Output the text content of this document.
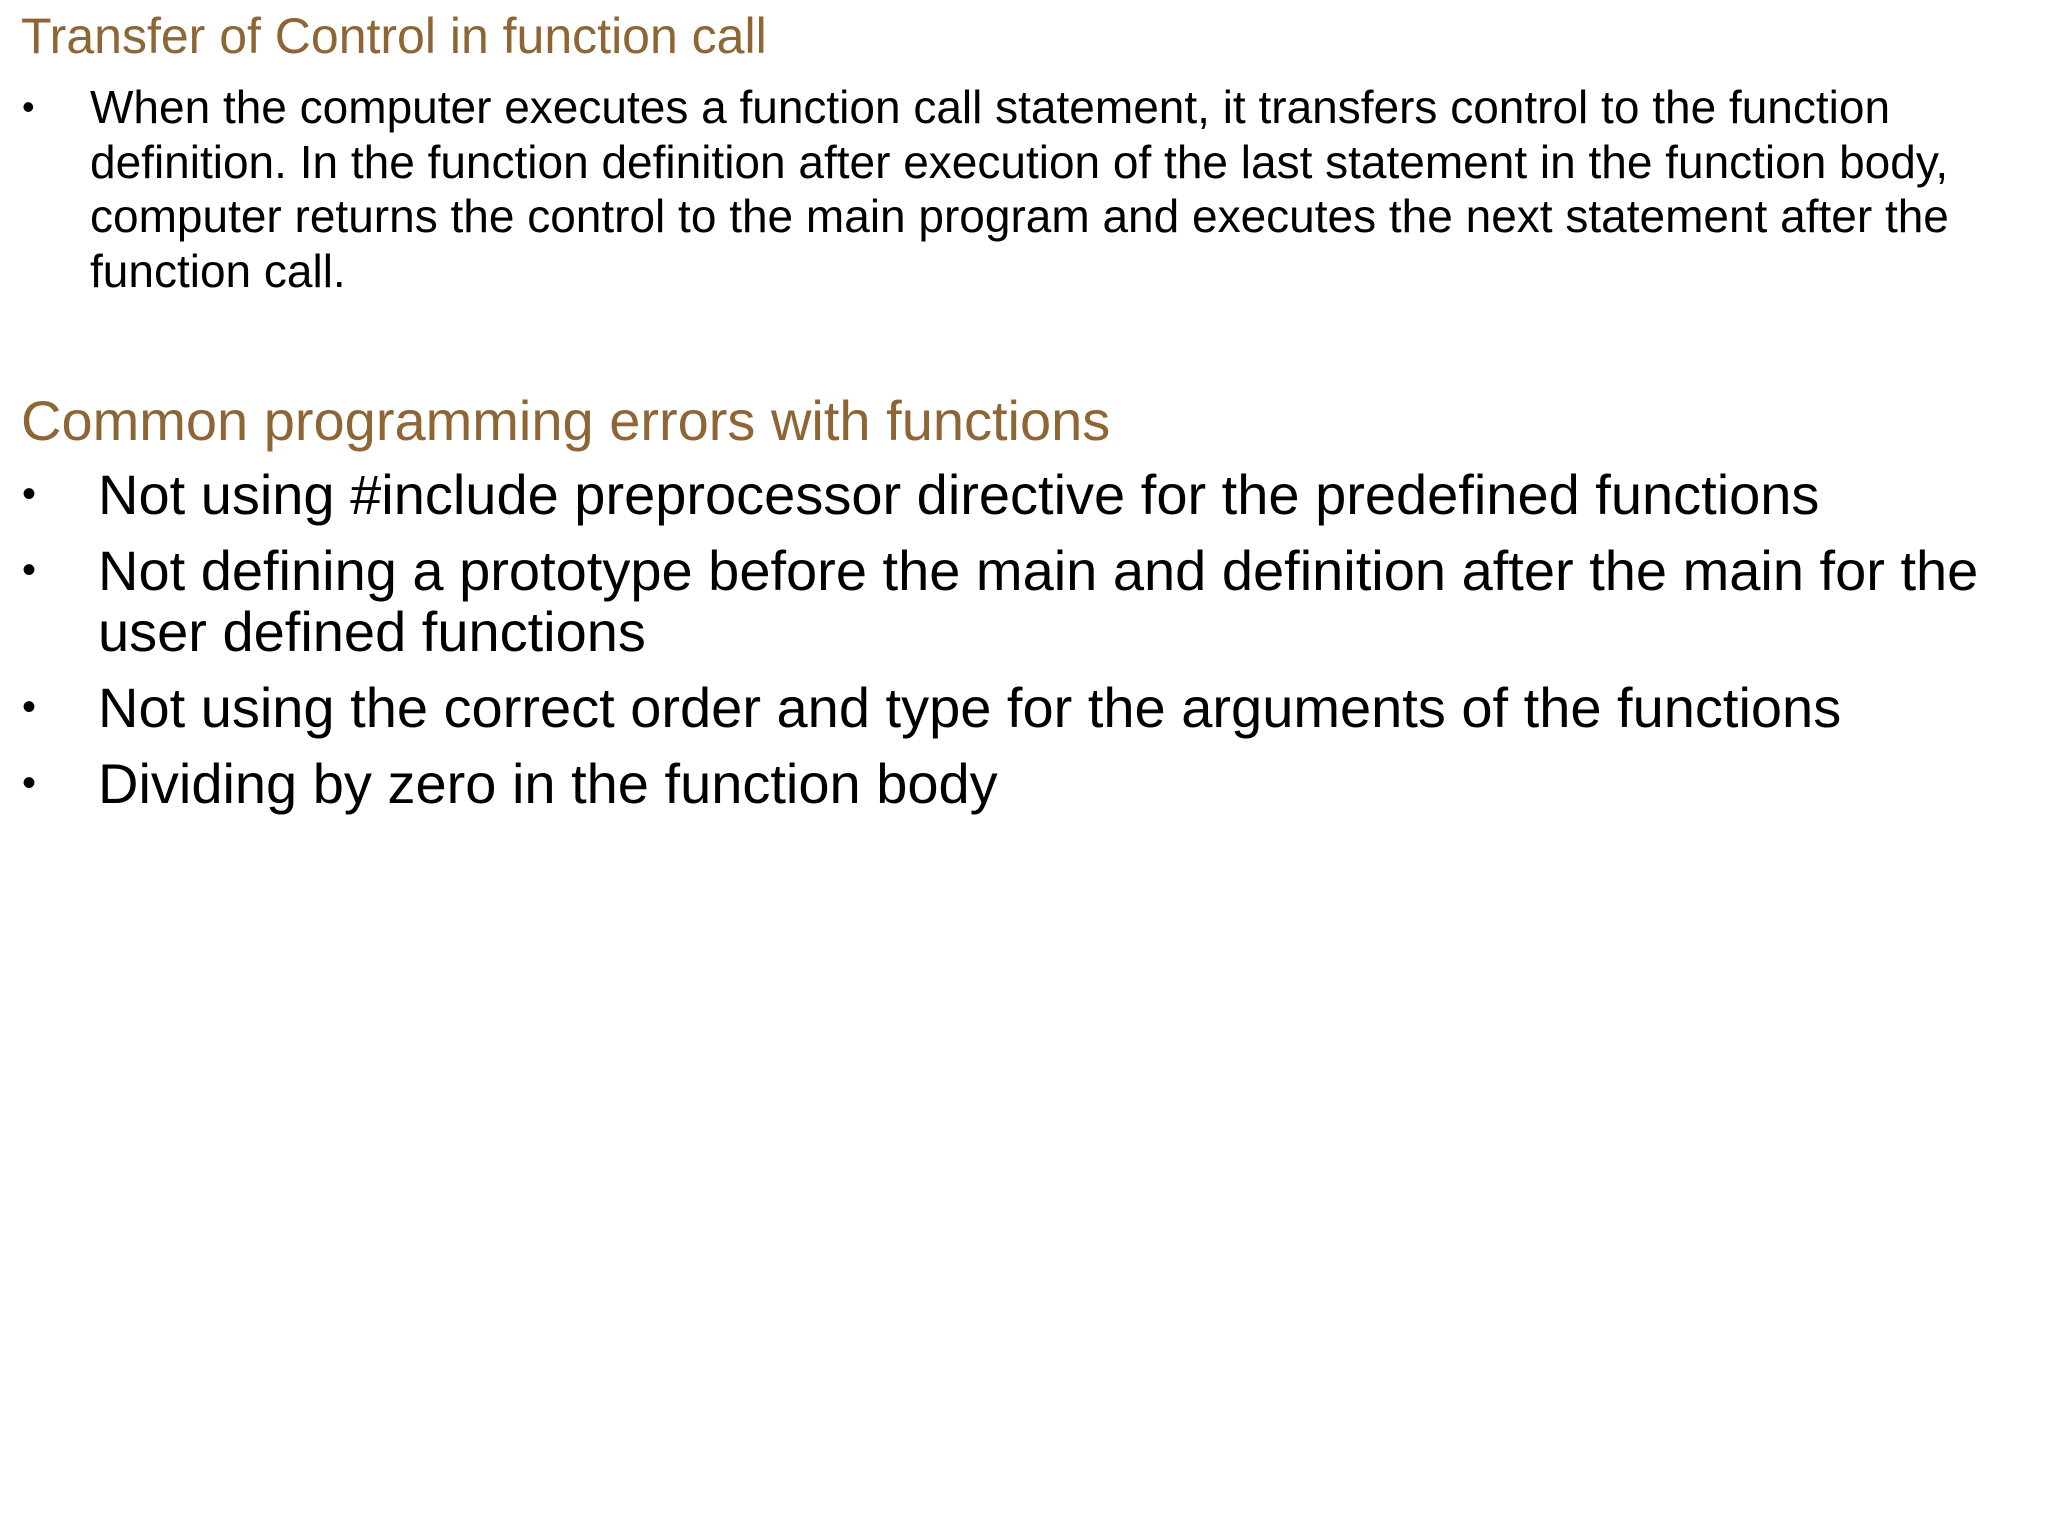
Transfer of Control in function call
• When the computer executes a function call statement, it transfers control to the function definition. In the function definition after execution of the last statement in the function body, computer returns the control to the main program and executes the next statement after the function call.
Common programming errors with functions
• Not using #include preprocessor directive for the predefined functions
• Not defining a prototype before the main and definition after the main for the user defined functions
• Not using the correct order and type for the arguments of the functions
• Dividing by zero in the function body
